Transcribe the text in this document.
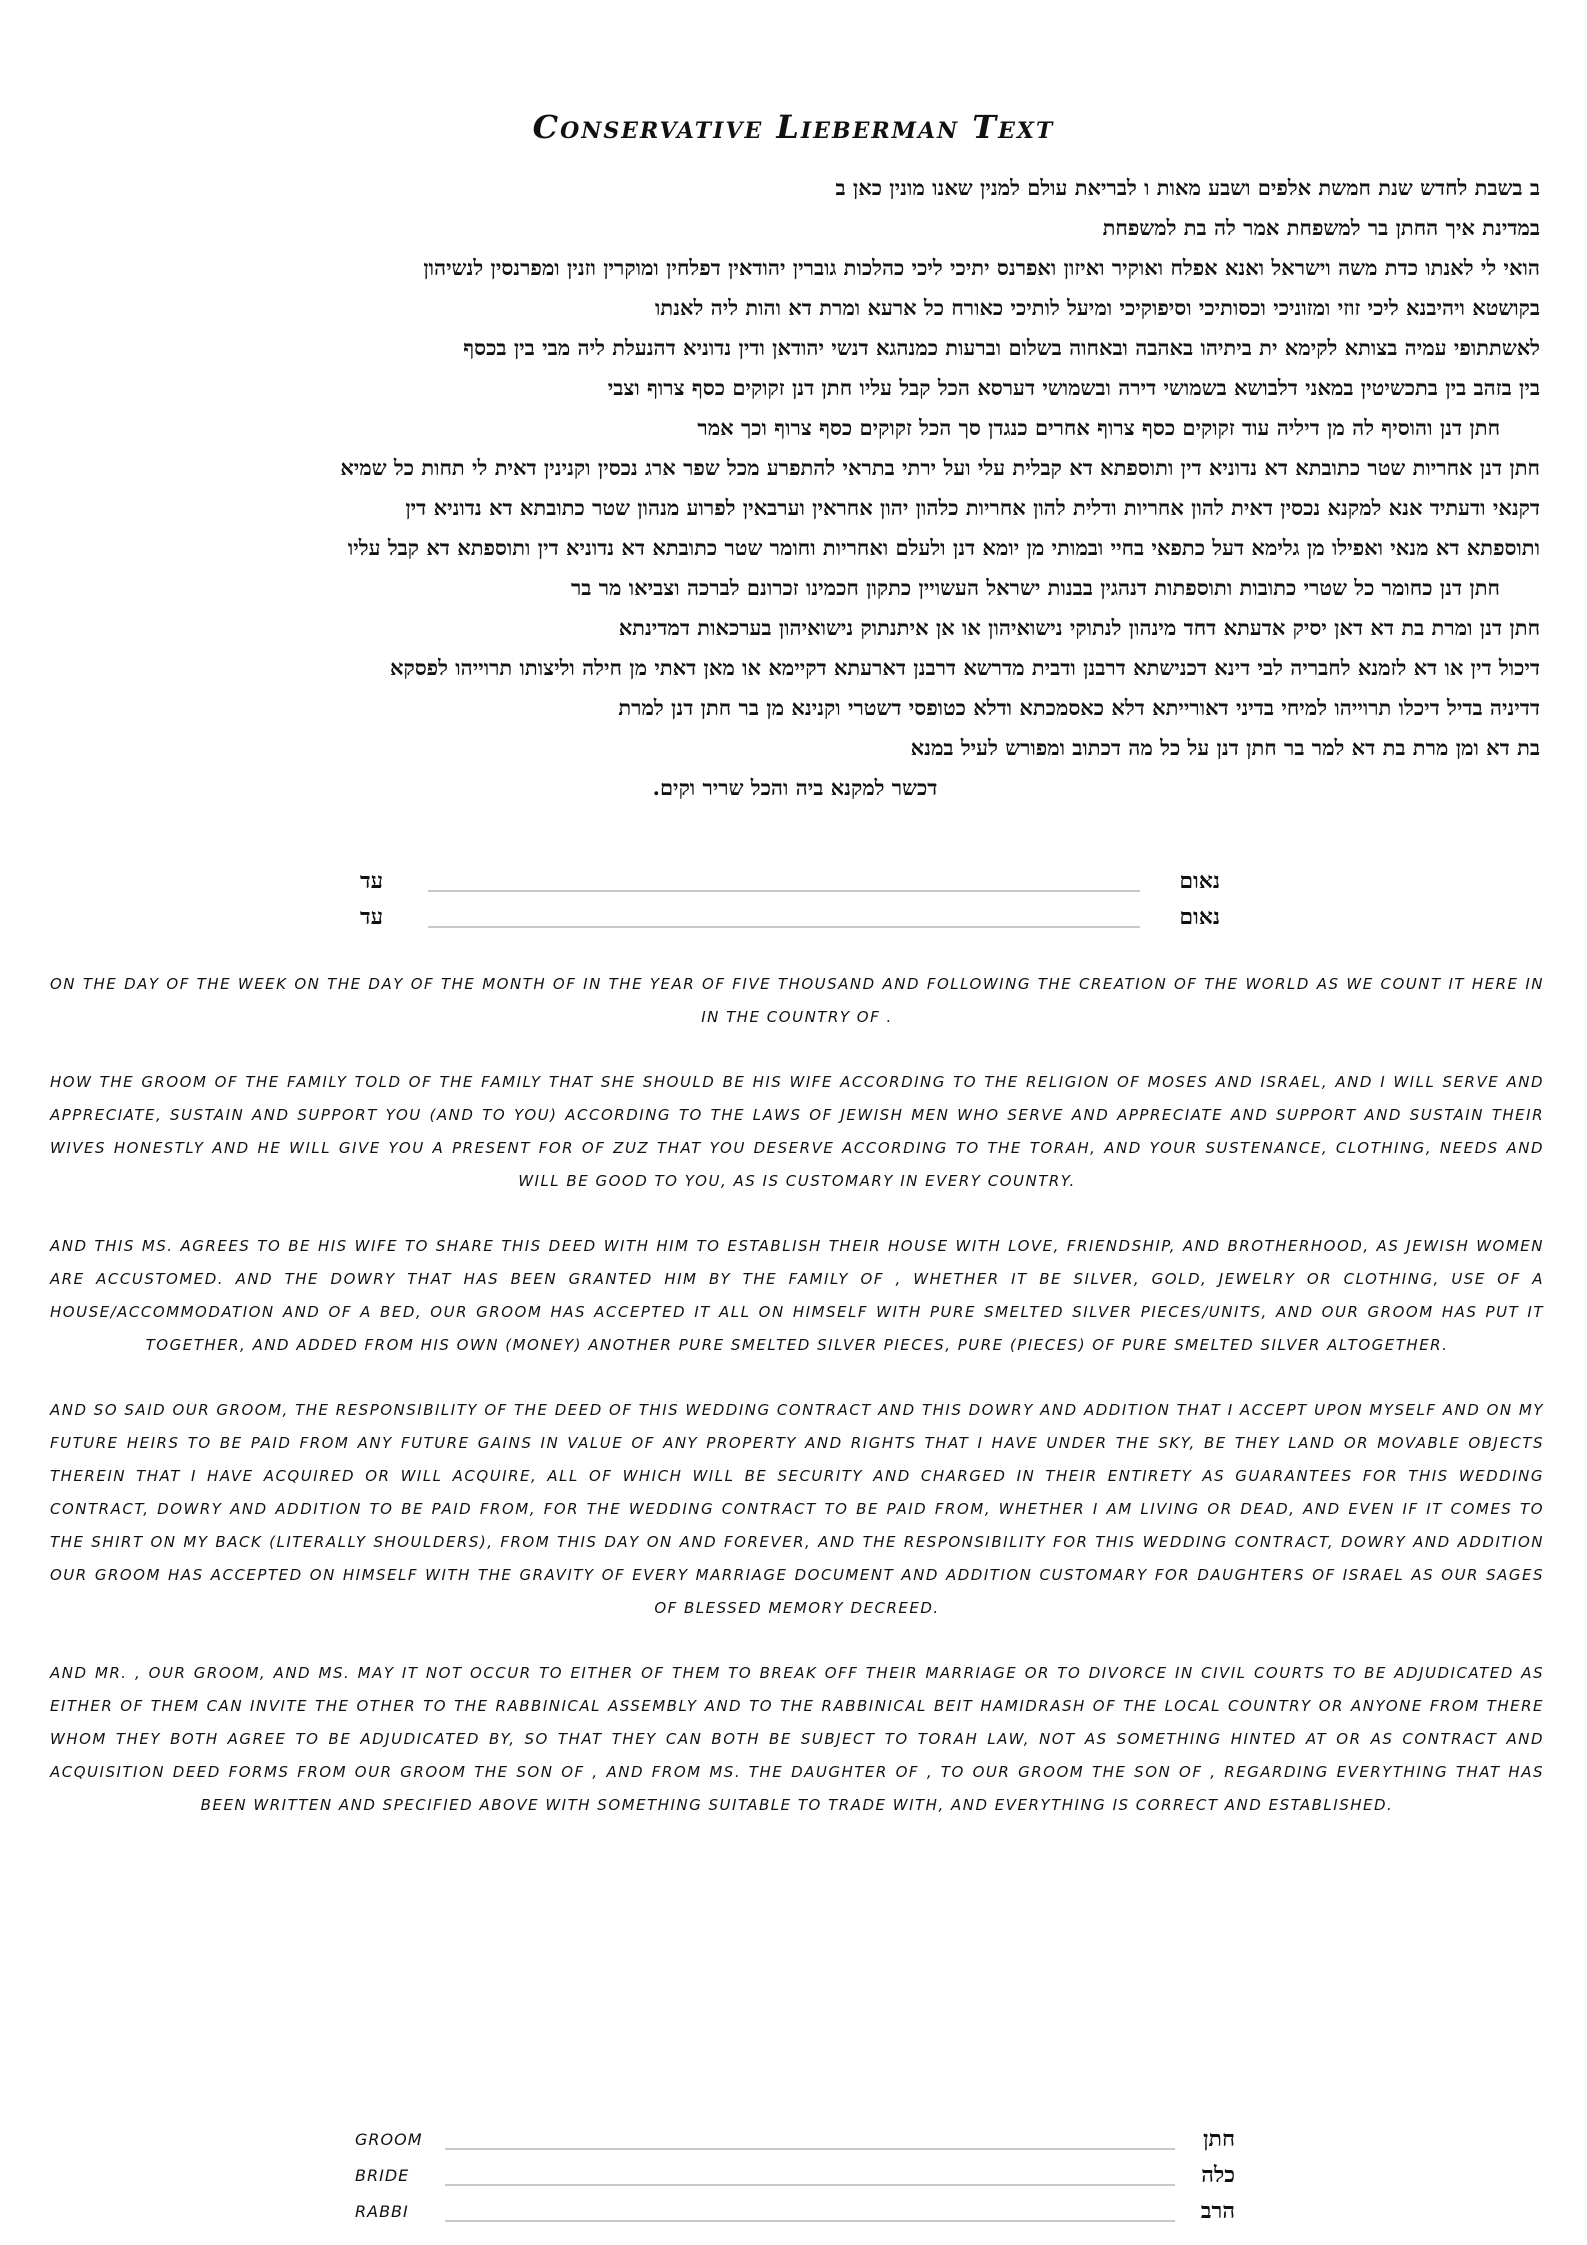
Conservative Lieberman Text

ב בשבת לחדש שנת חמשת אלפים ושבע מאות ו לבריאת עולם למנין שאנו מונין כאן ב

במדינת איך החתן בר למשפחת אמר לה בת למשפחת

הואי לי לאנתו כדת משה וישראל ואנא אפלח ואוקיר ואיזון ואפרנס יתיכי ליכי כהלכות גוברין יהודאין דפלחין ומוקרין וזנין ומפרנסין לנשיהון

בקושטא ויהיבנא ליכי זוזי ומזוניכי וכסותיכי וסיפוקיכי ומיעל לותיכי כאורח כל ארעא ומרת דא והות ליה לאנתו

לאשתתופי עמיה בצותא לקימא ית ביתיהו באהבה ובאחוה בשלום וברעות כמנהגא דנשי יהודאן ודין נדוניא דהנעלת ליה מבי בין בכסף

בין בזהב בין בתכשיטין במאני דלבושא בשמושי דירה ובשמושי דערסא הכל קבל עליו חתן דנן זקוקים כסף צרוף וצבי

חתן דנן והוסיף לה מן דיליה עוד זקוקים כסף צרוף אחרים כנגדן סך הכל זקוקים כסף צרוף וכך אמר

חתן דנן אחריות שטר כתובתא דא נדוניא דין ותוספתא דא קבלית עלי ועל ירתי בתראי להתפרע מכל שפר ארג נכסין וקנינין דאית לי תחות כל שמיא

דקנאי ודעתיד אנא למקנא נכסין דאית להון אחריות ודלית להון אחריות כלהון יהון אחראין וערבאין לפרוע מנהון שטר כתובתא דא נדוניא דין

ותוספתא דא מנאי ואפילו מן גלימא דעל כתפאי בחיי ובמותי מן יומא דנן ולעלם ואחריות וחומר שטר כתובתא דא נדוניא דין ותוספתא דא קבל עליו

חתן דנן כחומר כל שטרי כתובות ותוספתות דנהגין בבנות ישראל העשויין כתקון חכמינו זכרונם לברכה וצביאו מר בר

חתן דנן ומרת בת דא דאן יסיק אדעתא דחד מינהון לנתוקי נישואיהון או אן איתנתוק נישואיהון בערכאות דמדינתא

דיכול דין או דא לזמנא לחבריה לבי דינא דכנישתא דרבנן ודבית מדרשא דרבנן דארעתא דקיימא או מאן דאתי מן חילה וליצותו תרוייהו לפסקא

דדיניה בדיל דיכלו תרוייהו למיחי בדיני דאורייתא דלא כאסמכתא ודלא כטופסי דשטרי וקנינא מן בר חתן דנן למרת

בת דא ומן מרת בת דא למר בר חתן דנן על כל מה דכתוב ומפורש לעיל במנא

דכשר למקנא ביה והכל שריר וקים.

עד	נאום
עד	נאום

ON THE DAY OF THE WEEK ON THE DAY OF THE MONTH OF IN THE YEAR OF FIVE THOUSAND AND FOLLOWING THE CREATION OF THE WORLD AS WE COUNT IT HERE IN IN THE COUNTRY OF .

HOW THE GROOM OF THE FAMILY TOLD OF THE FAMILY THAT SHE SHOULD BE HIS WIFE ACCORDING TO THE RELIGION OF MOSES AND ISRAEL, AND I WILL SERVE AND APPRECIATE, SUSTAIN AND SUPPORT YOU (AND TO YOU) ACCORDING TO THE LAWS OF JEWISH MEN WHO SERVE AND APPRECIATE AND SUPPORT AND SUSTAIN THEIR WIVES HONESTLY AND HE WILL GIVE YOU A PRESENT FOR OF ZUZ THAT YOU DESERVE ACCORDING TO THE TORAH, AND YOUR SUSTENANCE, CLOTHING, NEEDS AND WILL BE GOOD TO YOU, AS IS CUSTOMARY IN EVERY COUNTRY.

AND THIS MS. AGREES TO BE HIS WIFE TO SHARE THIS DEED WITH HIM TO ESTABLISH THEIR HOUSE WITH LOVE, FRIENDSHIP, AND BROTHERHOOD, AS JEWISH WOMEN ARE ACCUSTOMED. AND THE DOWRY THAT HAS BEEN GRANTED HIM BY THE FAMILY OF , WHETHER IT BE SILVER, GOLD, JEWELRY OR CLOTHING, USE OF A HOUSE/ACCOMMODATION AND OF A BED, OUR GROOM HAS ACCEPTED IT ALL ON HIMSELF WITH PURE SMELTED SILVER PIECES/UNITS, AND OUR GROOM HAS PUT IT TOGETHER, AND ADDED FROM HIS OWN (MONEY) ANOTHER PURE SMELTED SILVER PIECES, PURE (PIECES) OF PURE SMELTED SILVER ALTOGETHER.

AND SO SAID OUR GROOM, THE RESPONSIBILITY OF THE DEED OF THIS WEDDING CONTRACT AND THIS DOWRY AND ADDITION THAT I ACCEPT UPON MYSELF AND ON MY FUTURE HEIRS TO BE PAID FROM ANY FUTURE GAINS IN VALUE OF ANY PROPERTY AND RIGHTS THAT I HAVE UNDER THE SKY, BE THEY LAND OR MOVABLE OBJECTS THEREIN THAT I HAVE ACQUIRED OR WILL ACQUIRE, ALL OF WHICH WILL BE SECURITY AND CHARGED IN THEIR ENTIRETY AS GUARANTEES FOR THIS WEDDING CONTRACT, DOWRY AND ADDITION TO BE PAID FROM, FOR THE WEDDING CONTRACT TO BE PAID FROM, WHETHER I AM LIVING OR DEAD, AND EVEN IF IT COMES TO THE SHIRT ON MY BACK (LITERALLY SHOULDERS), FROM THIS DAY ON AND FOREVER, AND THE RESPONSIBILITY FOR THIS WEDDING CONTRACT, DOWRY AND ADDITION OUR GROOM HAS ACCEPTED ON HIMSELF WITH THE GRAVITY OF EVERY MARRIAGE DOCUMENT AND ADDITION CUSTOMARY FOR DAUGHTERS OF ISRAEL AS OUR SAGES OF BLESSED MEMORY DECREED.

AND MR. , OUR GROOM, AND MS. MAY IT NOT OCCUR TO EITHER OF THEM TO BREAK OFF THEIR MARRIAGE OR TO DIVORCE IN CIVIL COURTS TO BE ADJUDICATED AS EITHER OF THEM CAN INVITE THE OTHER TO THE RABBINICAL ASSEMBLY AND TO THE RABBINICAL BEIT HAMIDRASH OF THE LOCAL COUNTRY OR ANYONE FROM THERE WHOM THEY BOTH AGREE TO BE ADJUDICATED BY, SO THAT THEY CAN BOTH BE SUBJECT TO TORAH LAW, NOT AS SOMETHING HINTED AT OR AS CONTRACT AND ACQUISITION DEED FORMS FROM OUR GROOM THE SON OF , AND FROM MS. THE DAUGHTER OF , TO OUR GROOM THE SON OF , REGARDING EVERYTHING THAT HAS BEEN WRITTEN AND SPECIFIED ABOVE WITH SOMETHING SUITABLE TO TRADE WITH, AND EVERYTHING IS CORRECT AND ESTABLISHED.

GROOM	חתן
BRIDE	כלה
RABBI	הרב
